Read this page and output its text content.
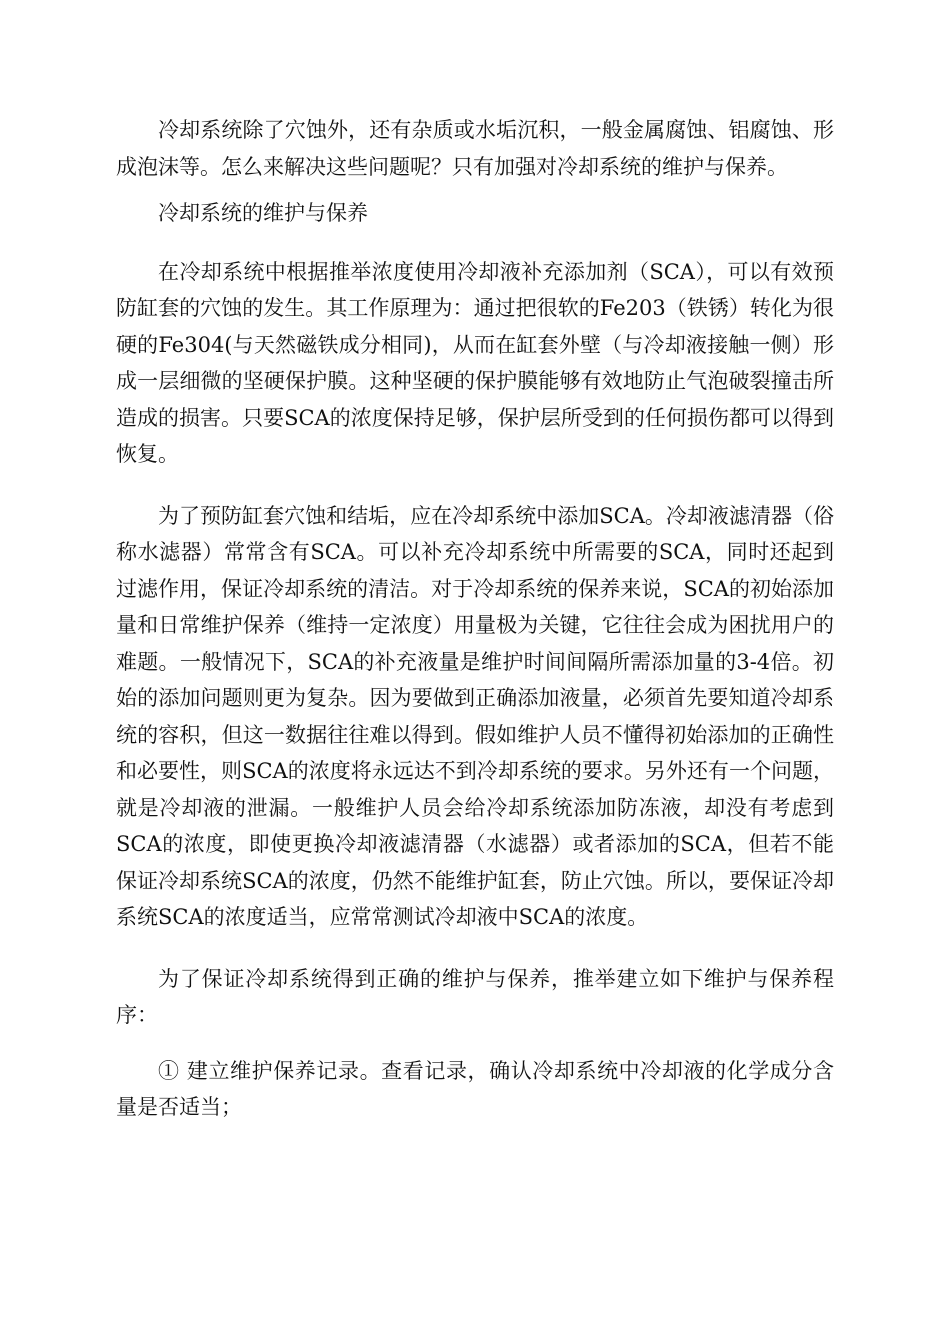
冷却系统除了穴蚀外，还有杂质或水垢沉积，一般金属腐蚀、铝腐蚀、形成泡沫等。怎么来解决这些问题呢？只有加强对冷却系统的维护与保养。

冷却系统的维护与保养

在冷却系统中根据推举浓度使用冷却液补充添加剂（SCA），可以有效预防缸套的穴蚀的发生。其工作原理为：通过把很软的Fe203（铁锈）转化为很硬的Fe304(与天然磁铁成分相同)，从而在缸套外壁（与冷却液接触一侧）形成一层细微的坚硬保护膜。这种坚硬的保护膜能够有效地防止气泡破裂撞击所造成的损害。只要SCA的浓度保持足够，保护层所受到的任何损伤都可以得到恢复。

为了预防缸套穴蚀和结垢，应在冷却系统中添加SCA。冷却液滤清器（俗称水滤器）常常含有SCA。可以补充冷却系统中所需要的SCA，同时还起到过滤作用，保证冷却系统的清洁。对于冷却系统的保养来说，SCA的初始添加量和日常维护保养（维持一定浓度）用量极为关键，它往往会成为困扰用户的难题。一般情况下，SCA的补充液量是维护时间间隔所需添加量的3-4倍。初始的添加问题则更为复杂。因为要做到正确添加液量，必须首先要知道冷却系统的容积，但这一数据往往难以得到。假如维护人员不懂得初始添加的正确性和必要性，则SCA的浓度将永远达不到冷却系统的要求。另外还有一个问题，就是冷却液的泄漏。一般维护人员会给冷却系统添加防冻液，却没有考虑到SCA的浓度，即使更换冷却液滤清器（水滤器）或者添加的SCA，但若不能保证冷却系统SCA的浓度，仍然不能维护缸套，防止穴蚀。所以，要保证冷却系统SCA的浓度适当，应常常测试冷却液中SCA的浓度。

为了保证冷却系统得到正确的维护与保养，推举建立如下维护与保养程序：

① 建立维护保养记录。查看记录，确认冷却系统中冷却液的化学成分含量是否适当；
